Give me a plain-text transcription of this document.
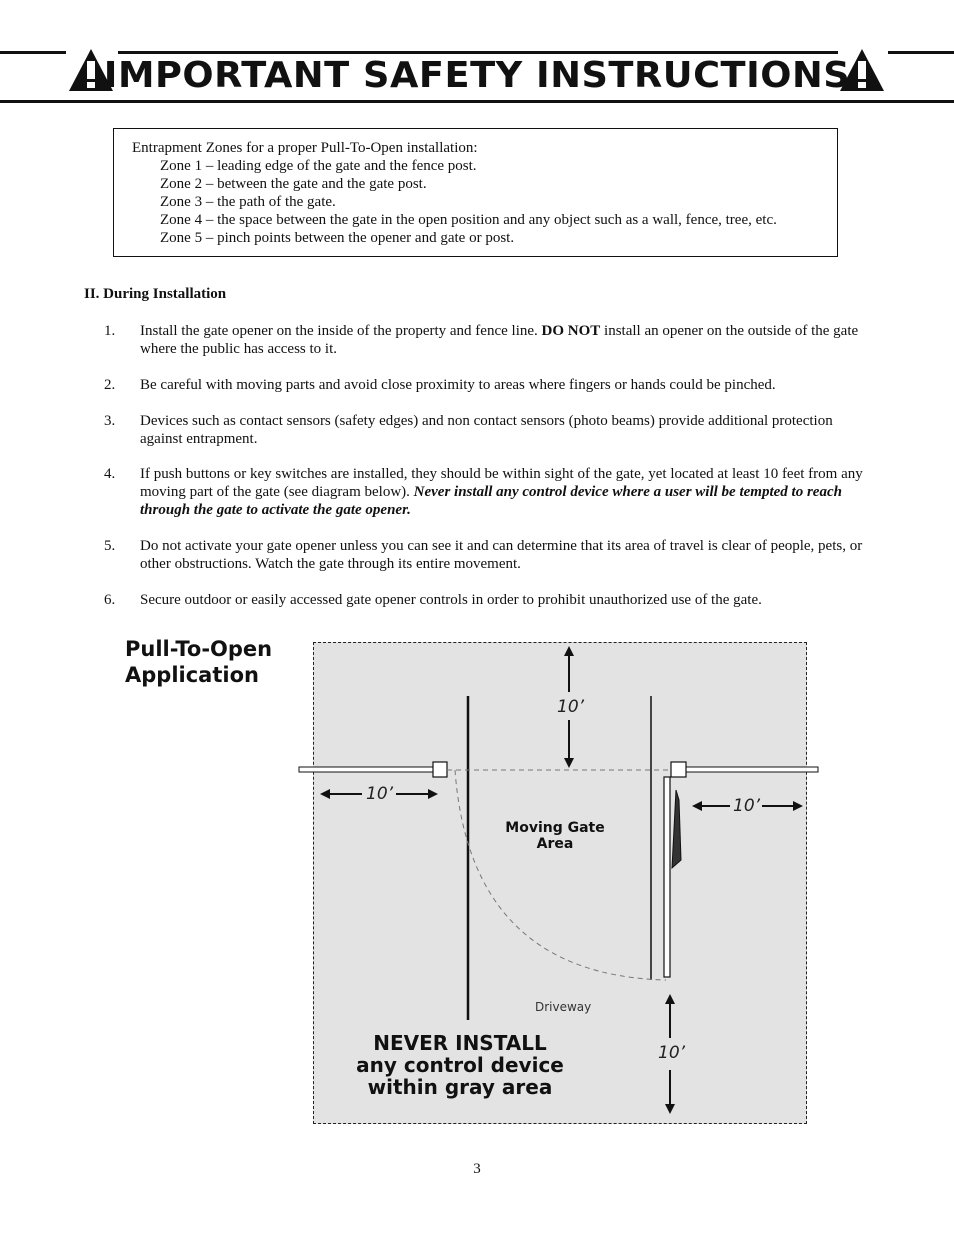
IMPORTANT SAFETY INSTRUCTIONS
Entrapment Zones for a proper Pull-To-Open installation:
Zone 1 – leading edge of the gate and the fence post.
Zone 2 – between the gate and the gate post.
Zone 3 – the path of the gate.
Zone 4 – the space between the gate in the open position and any object such as a wall, fence, tree, etc.
Zone 5 – pinch points between the opener and gate or post.
II. During Installation
1. Install the gate opener on the inside of the property and fence line. DO NOT install an opener on the outside of the gate where the public has access to it.
2. Be careful with moving parts and avoid close proximity to areas where fingers or hands could be pinched.
3. Devices such as contact sensors (safety edges) and non contact sensors (photo beams) provide additional protection against entrapment.
4. If push buttons or key switches are installed, they should be within sight of the gate, yet located at least 10 feet from any moving part of the gate (see diagram below). Never install any control device where a user will be tempted to reach through the gate to activate the gate opener.
5. Do not activate your gate opener unless you can see it and can determine that its area of travel is clear of people, pets, or other obstructions. Watch the gate through its entire movement.
6. Secure outdoor or easily accessed gate opener controls in order to prohibit unauthorized use of the gate.
Pull-To-Open
Application
10’
10’
10’
10’
Moving Gate
Area
Driveway
NEVER INSTALL
any control device
within gray area
3
